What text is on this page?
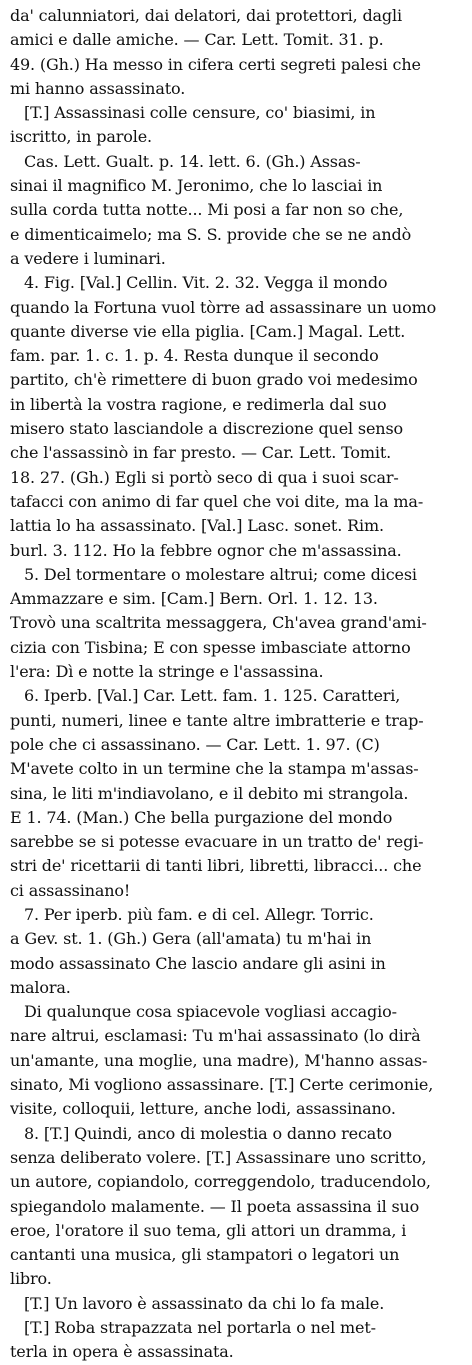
da' calunniatori, dai delatori, dai protettori, dagli
amici e dalle amiche. — Car. Lett. Tomit. 31. p.
49. (Gh.) Ha messo in cifera certi segreti palesi che
mi hanno assassinato.
[T.] Assassinasi colle censure, co' biasimi, in
iscritto, in parole.
Cas. Lett. Gualt. p. 14. lett. 6. (Gh.) Assas-
sinai il magnifico M. Jeronimo, che lo lasciai in
sulla corda tutta notte... Mi posi a far non so che,
e dimenticaimelo; ma S. S. provide che se ne andò
a vedere i luminari.
4. Fig. [Val.] Cellin. Vit. 2. 32. Vegga il mondo
quando la Fortuna vuol tòrre ad assassinare un uomo
quante diverse vie ella piglia. [Cam.] Magal. Lett.
fam. par. 1. c. 1. p. 4. Resta dunque il secondo
partito, ch'è rimettere di buon grado voi medesimo
in libertà la vostra ragione, e redimerla dal suo
misero stato lasciandole a discrezione quel senso
che l'assassinò in far presto. — Car. Lett. Tomit.
18. 27. (Gh.) Egli si portò seco di qua i suoi scar-
tafacci con animo di far quel che voi dite, ma la ma-
lattia lo ha assassinato. [Val.] Lasc. sonet. Rim.
burl. 3. 112. Ho la febbre ognor che m'assassina.
5. Del tormentare o molestare altrui; come dicesi
Ammazzare e sim. [Cam.] Bern. Orl. 1. 12. 13.
Trovò una scaltrita messaggera, Ch'avea grand'ami-
cizia con Tisbina; E con spesse imbasciate attorno
l'era: Dì e notte la stringe e l'assassina.
6. Iperb. [Val.] Car. Lett. fam. 1. 125. Caratteri,
punti, numeri, linee e tante altre imbratterie e trap-
pole che ci assassinano. — Car. Lett. 1. 97. (C)
M'avete colto in un termine che la stampa m'assas-
sina, le liti m'indiavolano, e il debito mi strangola.
E 1. 74. (Man.) Che bella purgazione del mondo
sarebbe se si potesse evacuare in un tratto de' regi-
stri de' ricettarii di tanti libri, libretti, libracci... che
ci assassinano!
7. Per iperb. più fam. e di cel. Allegr. Torric.
a Gev. st. 1. (Gh.) Gera (all'amata) tu m'hai in
modo assassinato Che lascio andare gli asini in
malora.
Di qualunque cosa spiacevole vogliasi accagio-
nare altrui, esclamasi: Tu m'hai assassinato (lo dirà
un'amante, una moglie, una madre), M'hanno assas-
sinato, Mi vogliono assassinare. [T.] Certe cerimonie,
visite, colloquii, letture, anche lodi, assassinano.
8. [T.] Quindi, anco di molestia o danno recato
senza deliberato volere. [T.] Assassinare uno scritto,
un autore, copiandolo, correggendolo, traducendolo,
spiegandolo malamente. — Il poeta assassina il suo
eroe, l'oratore il suo tema, gli attori un dramma, i
cantanti una musica, gli stampatori o legatori un
libro.
[T.] Un lavoro è assassinato da chi lo fa male.
[T.] Roba strapazzata nel portarla o nel met-
terla in opera è assassinata.
